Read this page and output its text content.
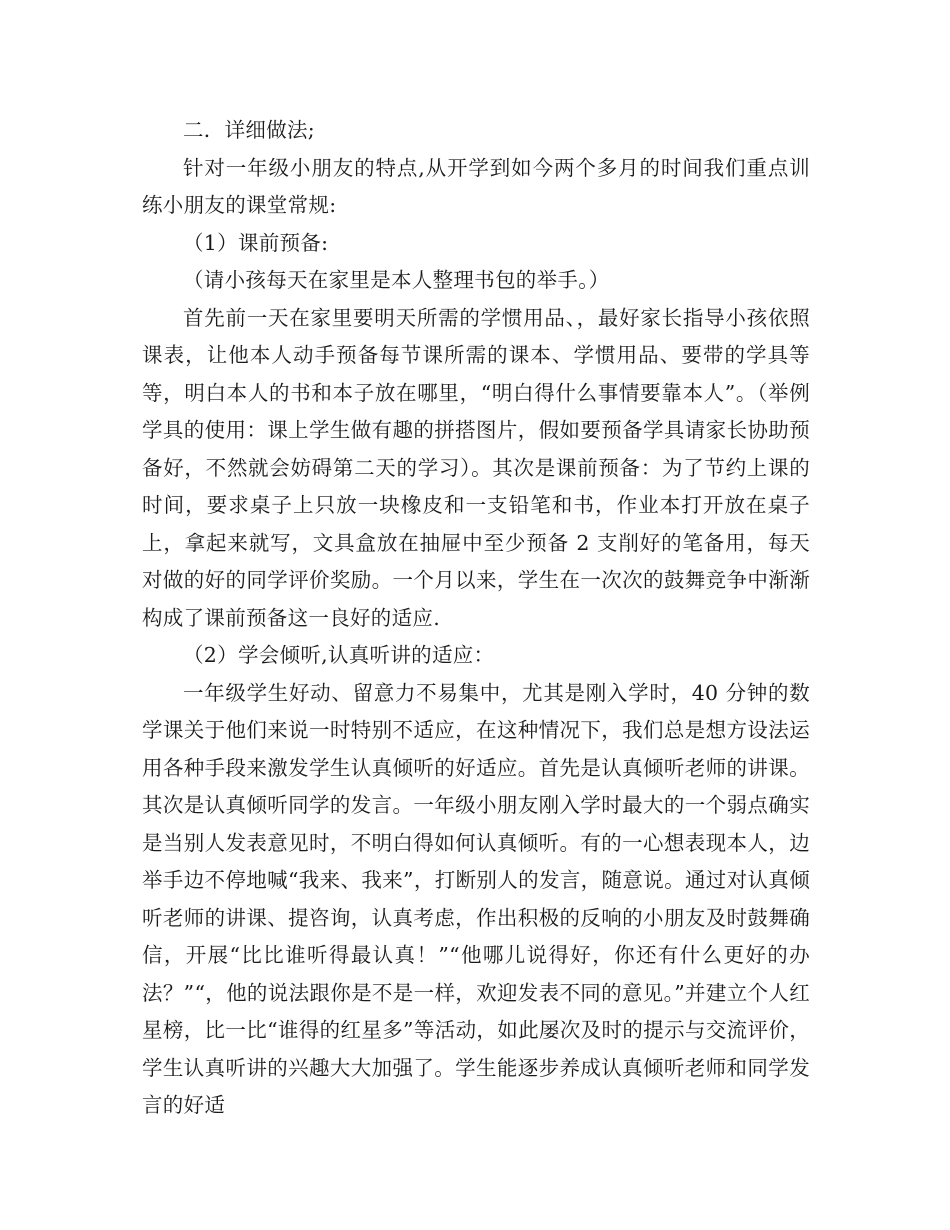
二．详细做法;

针对一年级小朋友的特点,从开学到如今两个多月的时间我们重点训练小朋友的课堂常规:

（1）课前预备:

（请小孩每天在家里是本人整理书包的举手。）

首先前一天在家里要明天所需的学惯用品、，最好家长指导小孩依照课表，让他本人动手预备每节课所需的课本、学惯用品、要带的学具等等，明白本人的书和本子放在哪里，“明白得什么事情要靠本人”。（举例学具的使用：课上学生做有趣的拼搭图片，假如要预备学具请家长协助预备好，不然就会妨碍第二天的学习）。其次是课前预备：为了节约上课的时间，要求桌子上只放一块橡皮和一支铅笔和书，作业本打开放在桌子上，拿起来就写，文具盒放在抽屉中至少预备 2 支削好的笔备用，每天对做的好的同学评价奖励。一个月以来，学生在一次次的鼓舞竞争中渐渐构成了课前预备这一良好的适应.

（2）学会倾听,认真听讲的适应：

一年级学生好动、留意力不易集中，尤其是刚入学时，40 分钟的数学课关于他们来说一时特别不适应，在这种情况下，我们总是想方设法运用各种手段来激发学生认真倾听的好适应。首先是认真倾听老师的讲课。其次是认真倾听同学的发言。一年级小朋友刚入学时最大的一个弱点确实是当别人发表意见时，不明白得如何认真倾听。有的一心想表现本人，边举手边不停地喊“我来、我来”，打断别人的发言，随意说。通过对认真倾听老师的讲课、提咨询，认真考虑，作出积极的反响的小朋友及时鼓舞确信，开展“比比谁听得最认真！”“他哪儿说得好，你还有什么更好的办法？”“，他的说法跟你是不是一样，欢迎发表不同的意见。”并建立个人红星榜，比一比“谁得的红星多”等活动，如此屡次及时的提示与交流评价，学生认真听讲的兴趣大大加强了。学生能逐步养成认真倾听老师和同学发言的好适
